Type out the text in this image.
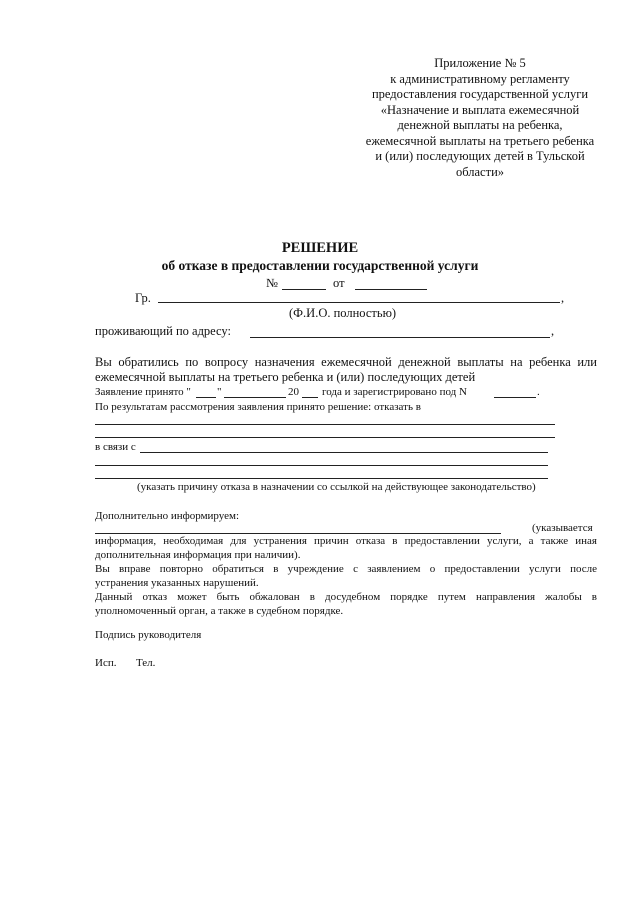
Приложение № 5
к административному регламенту
предоставления государственной услуги
«Назначение и выплата ежемесячной
денежной выплаты на ребенка,
ежемесячной выплаты на третьего ребенка
и (или) последующих детей в Тульской
области»
РЕШЕНИЕ
об отказе в предоставлении государственной услуги
№	от
Гр.	,
(Ф.И.О. полностью)
проживающий по адресу:	,
Вы обратились по вопросу назначения ежемесячной денежной выплаты на ребенка или
ежемесячной выплаты на третьего ребенка и (или) последующих детей
Заявление принято " "	20 года и зарегистрировано под N	.
По результатам рассмотрения заявления принято решение: отказать в
в связи с
(указать причину отказа в назначении со ссылкой на действующее законодательство)
Дополнительно информируем:
(указывается
информация, необходимая для устранения причин отказа в предоставлении услуги, а также иная
дополнительная информация при наличии).
Вы вправе повторно обратиться в учреждение с заявлением о предоставлении услуги после
устранения указанных нарушений.
Данный отказ может быть обжалован в досудебном порядке путем направления жалобы в
уполномоченный орган, а также в судебном порядке.
Подпись руководителя
Исп. Тел.
